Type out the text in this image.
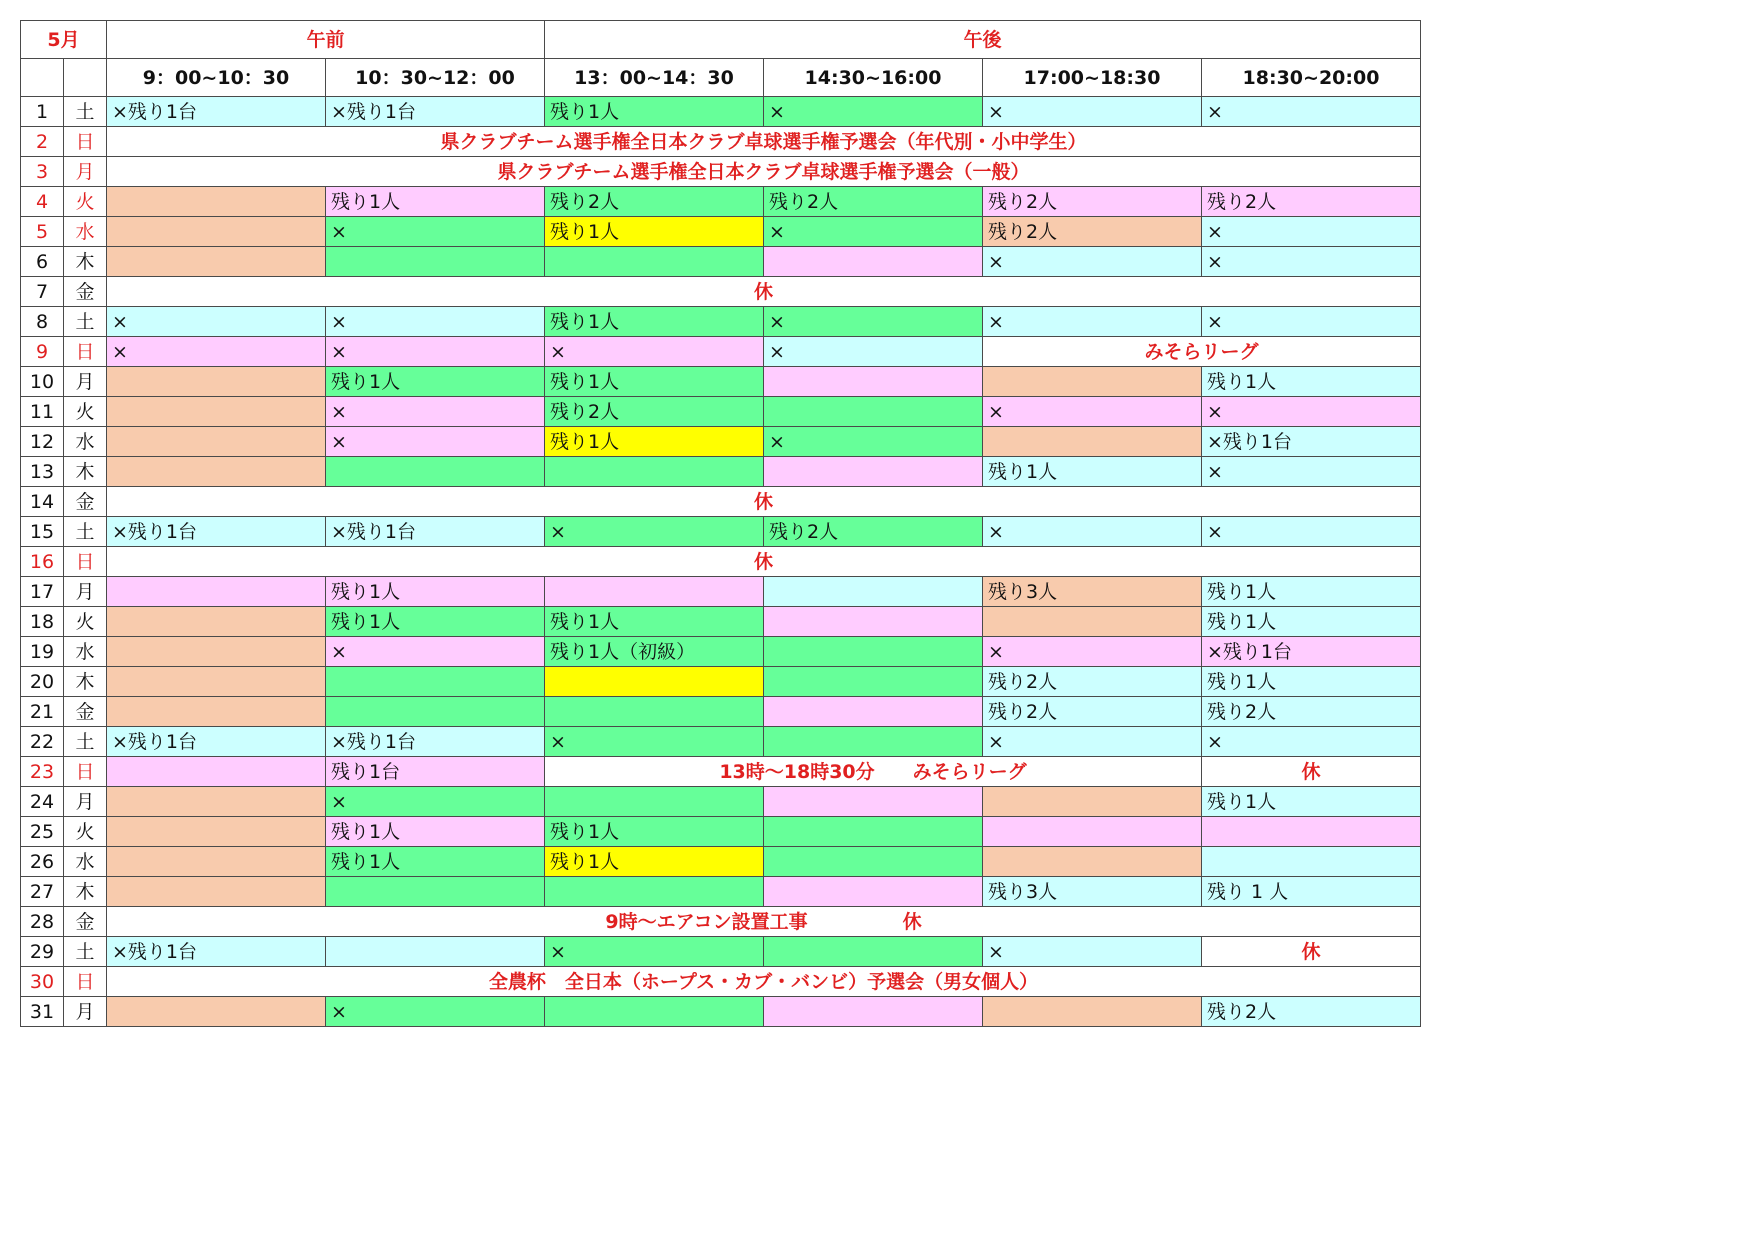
5月		午前		午後			
		9：00~10：30	10：30~12：00	13：00~14：30	14:30~16:00	17:00~18:30	18:30~20:00
1	土	×残り1台	×残り1台	残り1人	×	×	×
2	日	県クラブチーム選手権全日本クラブ卓球選手権予選会（年代別・小中学生）					
3	月	県クラブチーム選手権全日本クラブ卓球選手権予選会（一般）					
4	火		残り1人	残り2人	残り2人	残り2人	残り2人
5	水		×	残り1人	×	残り2人	×
6	木					×	×
7	金	休					
8	土	×	×	残り1人	×	×	×
9	日	×	×	×	×	みそらリーグ	
10	月		残り1人	残り1人			残り1人
11	火		×	残り2人		×	×
12	水		×	残り1人	×		×残り1台
13	木					残り1人	×
14	金	休					
15	土	×残り1台	×残り1台	×	残り2人	×	×
16	日	休					
17	月		残り1人			残り3人	残り1人
18	火		残り1人	残り1人			残り1人
19	水		×	残り1人（初級）		×	×残り1台
20	木					残り2人	残り1人
21	金					残り2人	残り2人
22	土	×残り1台	×残り1台	×		×	×
23	日		残り1台	13時～18時30分　　みそらリーグ			休
24	月		×				残り1人
25	火		残り1人	残り1人			
26	水		残り1人	残り1人			
27	木					残り3人	残り 1 人
28	金	9時～エアコン設置工事　　　　　休					
29	土	×残り1台		×		×	休
30	日	全農杯　全日本（ホープス・カブ・バンビ）予選会（男女個人）					
31	月		×				残り2人
